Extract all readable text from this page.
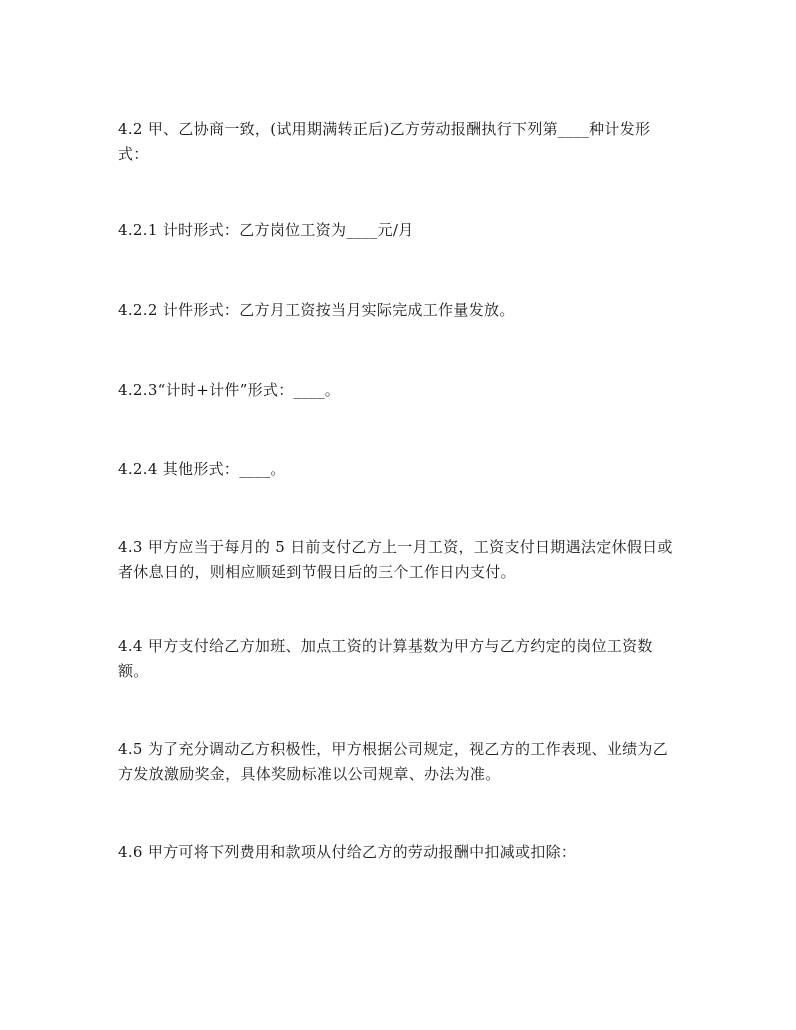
4.2 甲、乙协商一致，(试用期满转正后)乙方劳动报酬执行下列第____种计发形式：

4.2.1 计时形式：乙方岗位工资为____元/月

4.2.2 计件形式：乙方月工资按当月实际完成工作量发放。

4.2.3“计时+计件”形式：____。

4.2.4 其他形式：____。

4.3 甲方应当于每月的 5 日前支付乙方上一月工资，工资支付日期遇法定休假日或者休息日的，则相应顺延到节假日后的三个工作日内支付。

4.4 甲方支付给乙方加班、加点工资的计算基数为甲方与乙方约定的岗位工资数额。

4.5 为了充分调动乙方积极性，甲方根据公司规定，视乙方的工作表现、业绩为乙方发放激励奖金，具体奖励标准以公司规章、办法为准。

4.6 甲方可将下列费用和款项从付给乙方的劳动报酬中扣减或扣除：
